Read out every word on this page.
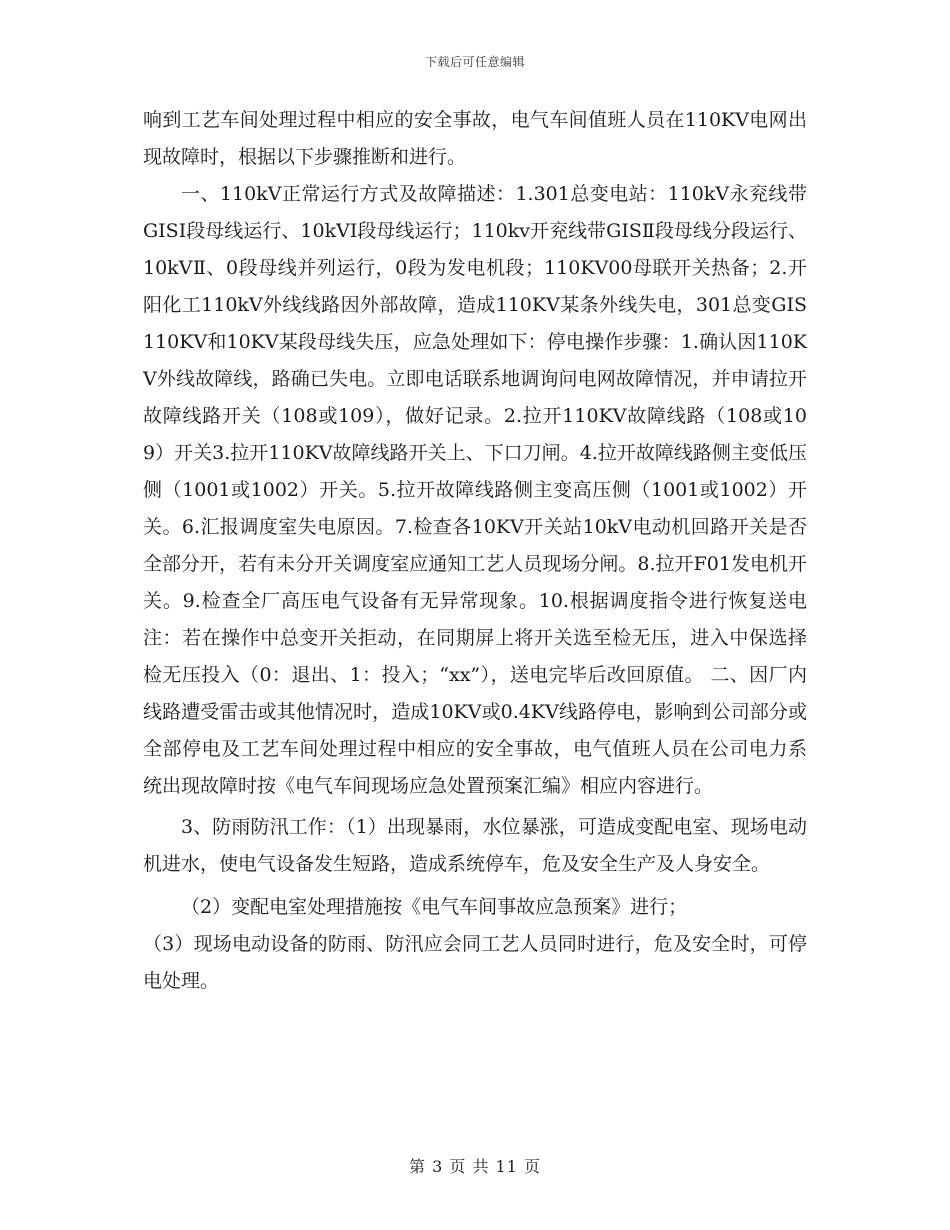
下载后可任意编辑

响到工艺车间处理过程中相应的安全事故，电气车间值班人员在110KV电网出现故障时，根据以下步骤推断和进行。

一、110kV正常运行方式及故障描述：1.301总变电站：110kV永兖线带GISⅠ段母线运行、10kVⅠ段母线运行；110kv开兖线带GISⅡ段母线分段运行、10kVⅡ、0段母线并列运行，0段为发电机段；110KV00母联开关热备；2.开阳化工110kV外线线路因外部故障，造成110KV某条外线失电，301总变GIS110KV和10KV某段母线失压，应急处理如下：停电操作步骤：1.确认因110KV外线故障线，路确已失电。立即电话联系地调询问电网故障情况，并申请拉开故障线路开关（108或109），做好记录。2.拉开110KV故障线路（108或109）开关3.拉开110KV故障线路开关上、下口刀闸。4.拉开故障线路侧主变低压侧（1001或1002）开关。5.拉开故障线路侧主变高压侧（1001或1002）开关。6.汇报调度室失电原因。7.检查各10KV开关站10kV电动机回路开关是否全部分开，若有未分开关调度室应通知工艺人员现场分闸。8.拉开F01发电机开关。9.检查全厂高压电气设备有无异常现象。10.根据调度指令进行恢复送电 注：若在操作中总变开关拒动，在同期屏上将开关选至检无压，进入中保选择检无压投入（0：退出、1：投入；“xx”），送电完毕后改回原值。 二、因厂内线路遭受雷击或其他情况时，造成10KV或0.4KV线路停电，影响到公司部分或全部停电及工艺车间处理过程中相应的安全事故，电气值班人员在公司电力系统出现故障时按《电气车间现场应急处置预案汇编》相应内容进行。

3、防雨防汛工作：（1）出现暴雨，水位暴涨，可造成变配电室、现场电动机进水，使电气设备发生短路，造成系统停车，危及安全生产及人身安全。

（2）变配电室处理措施按《电气车间事故应急预案》进行；

（3）现场电动设备的防雨、防汛应会同工艺人员同时进行，危及安全时，可停电处理。

第 3 页 共 11 页
